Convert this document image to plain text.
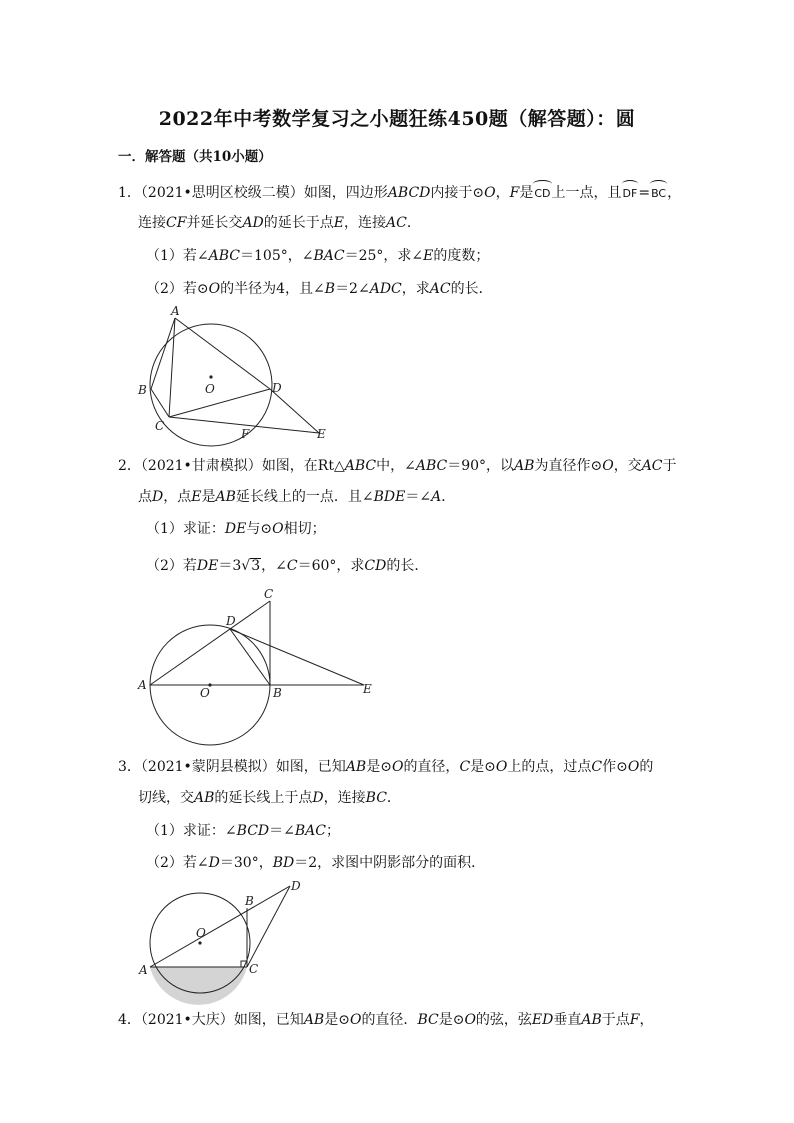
2022年中考数学复习之小题狂练450题（解答题）：圆
一．解答题（共10小题）
1．（2021•思明区校级二模）如图，四边形ABCD内接于⊙O，F是CD上一点，且DF=BC，
连接CF并延长交AD的延长于点E，连接AC．
（1）若∠ABC＝105°，∠BAC＝25°，求∠E的度数；
（2）若⊙O的半径为4，且∠B＝2∠ADC，求AC的长．
A
B
C
D
E
F
O
2．（2021•甘肃模拟）如图，在Rt△ABC中，∠ABC＝90°，以AB为直径作⊙O，交AC于
点D，点E是AB延长线上的一点．且∠BDE＝∠A．
（1）求证：DE与⊙O相切；
（2）若DE＝3√3，∠C＝60°，求CD的长．
A
B
C
D
E
O
3．（2021•蒙阴县模拟）如图，已知AB是⊙O的直径，C是⊙O上的点，过点C作⊙O的
切线，交AB的延长线上于点D，连接BC．
（1）求证：∠BCD＝∠BAC；
（2）若∠D＝30°，BD＝2，求图中阴影部分的面积．
A
B
C
D
O
4．（2021•大庆）如图，已知AB是⊙O的直径．BC是⊙O的弦，弦ED垂直AB于点F，
